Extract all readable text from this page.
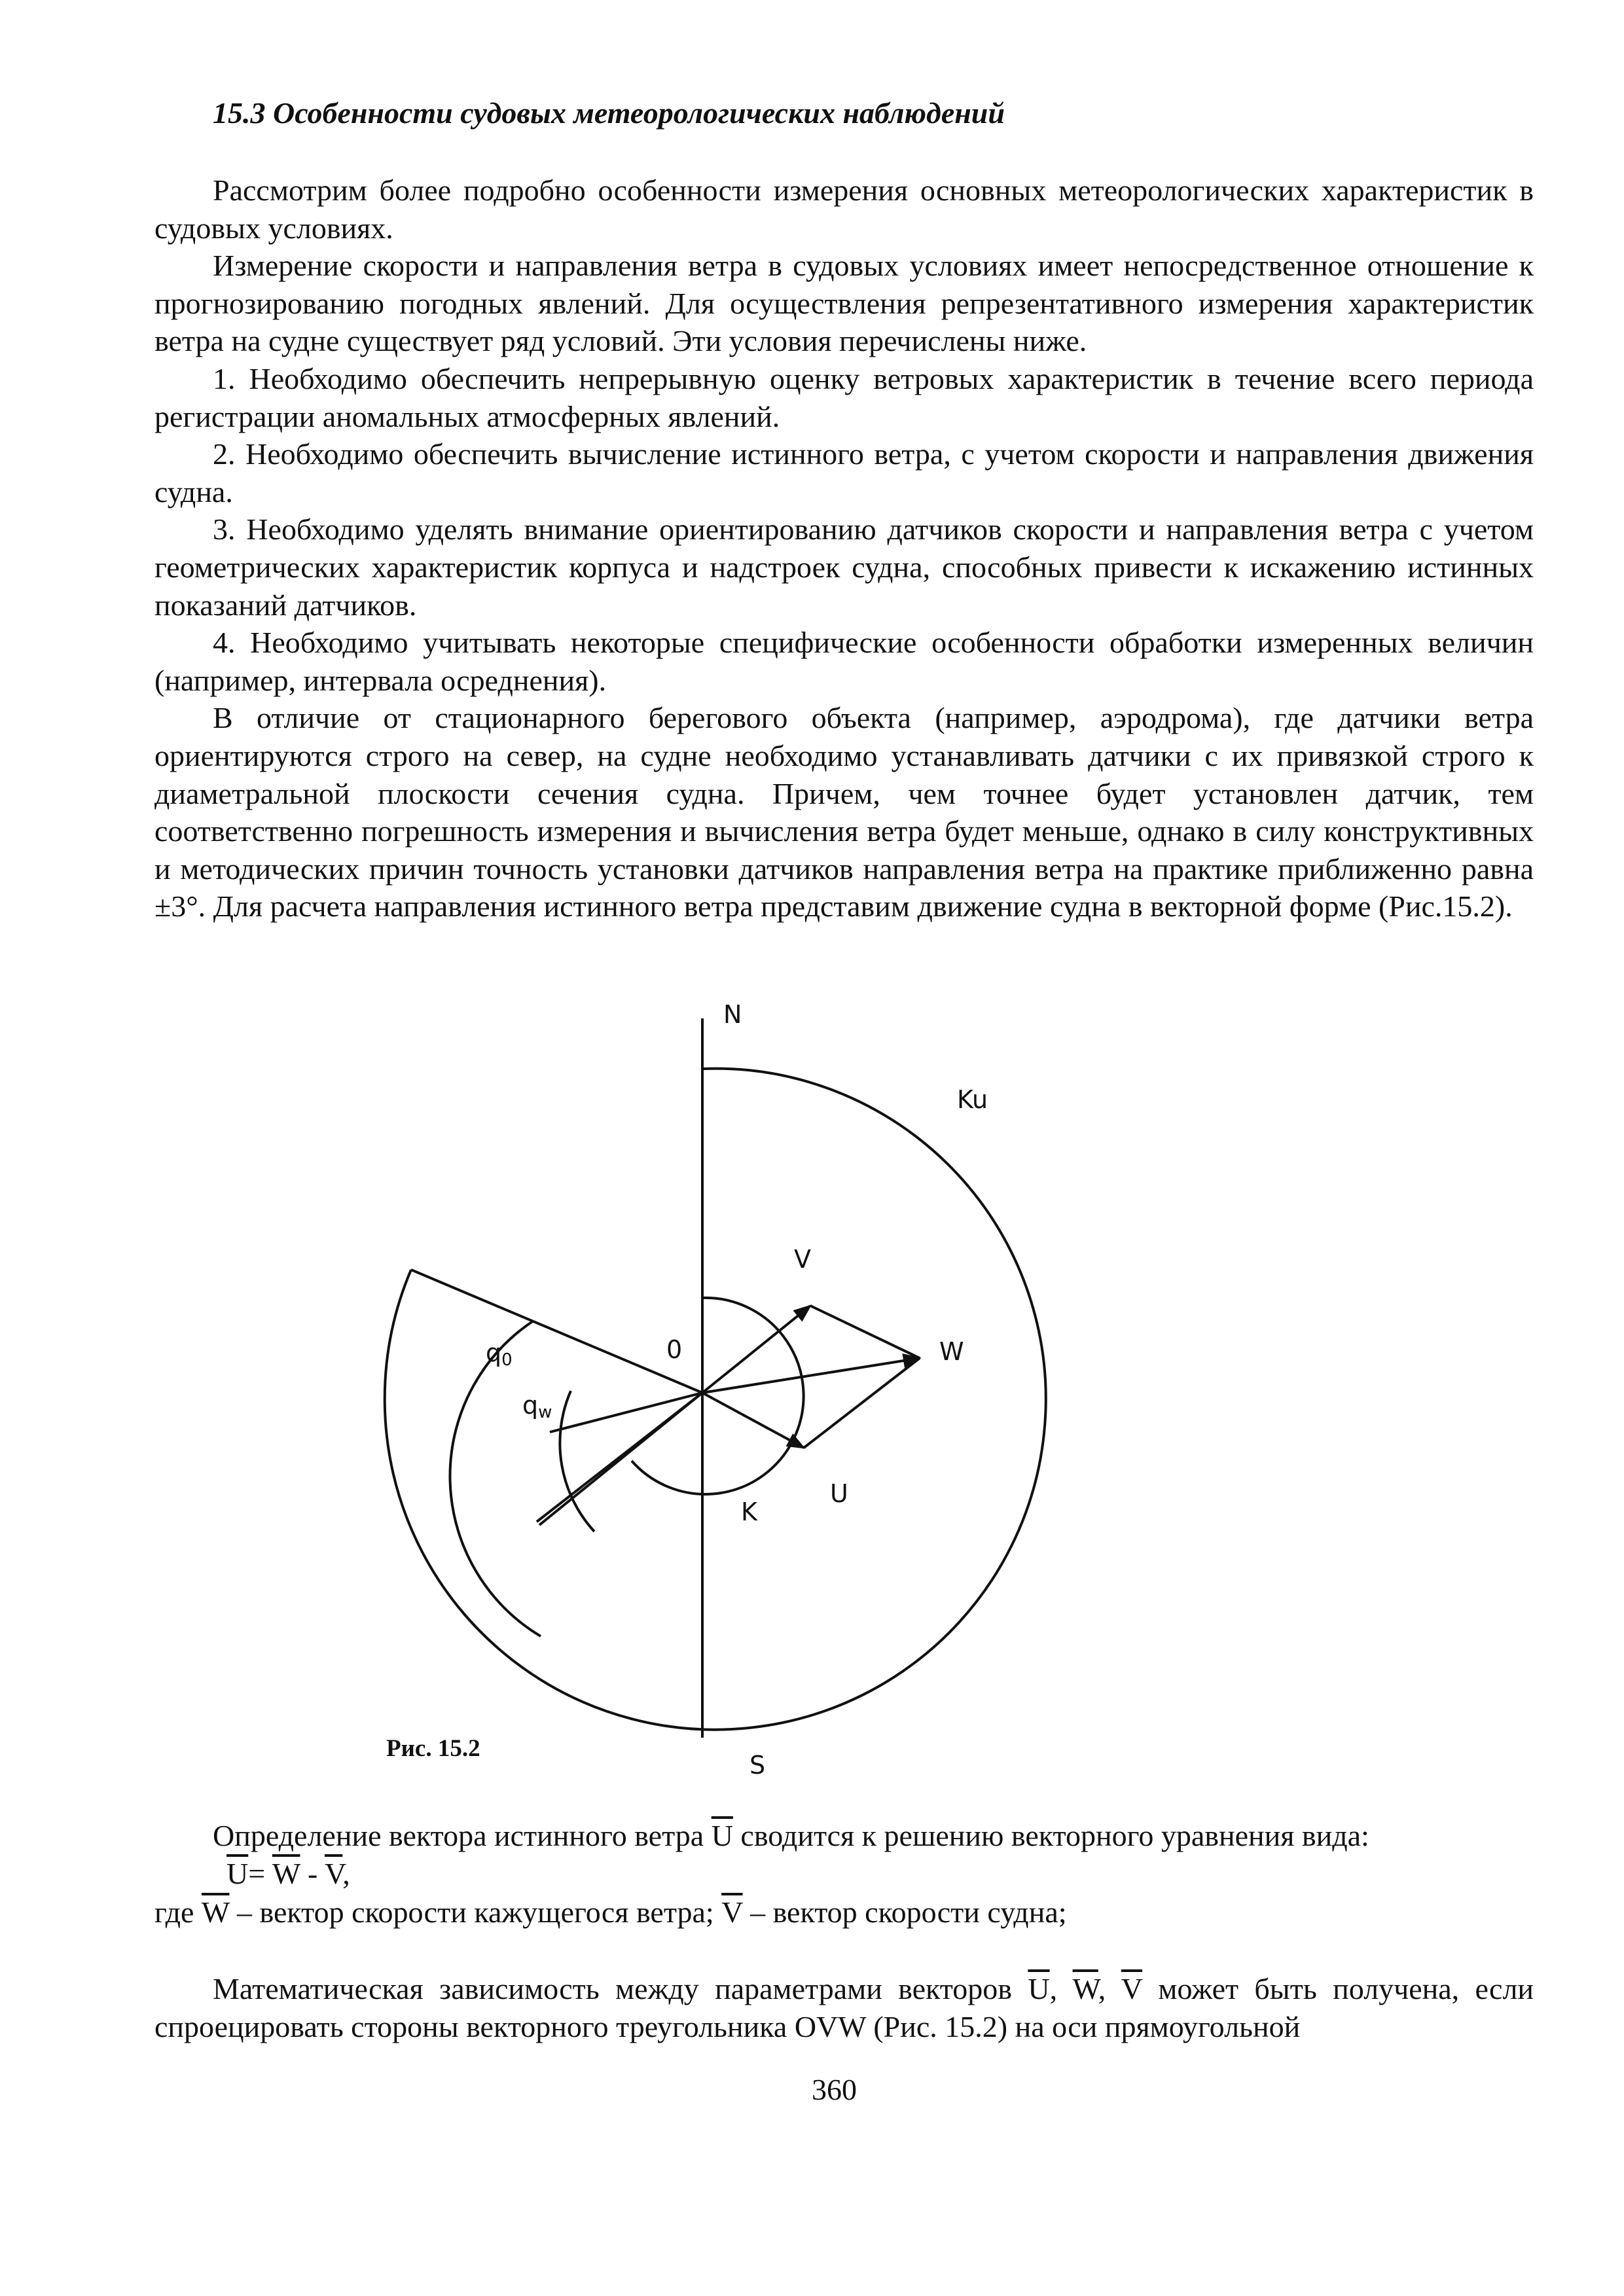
15.3 Особенности судовых метеорологических наблюдений

Рассмотрим более подробно особенности измерения основных метеорологических характеристик в судовых условиях.

Измерение скорости и направления ветра в судовых условиях имеет непосредственное отношение к прогнозированию погодных явлений. Для осуществления репрезентативного измерения характеристик ветра на судне существует ряд условий. Эти условия перечислены ниже.

1. Необходимо обеспечить непрерывную оценку ветровых характеристик в течение всего периода регистрации аномальных атмосферных явлений.

2. Необходимо обеспечить вычисление истинного ветра, с учетом скорости и направления движения судна.

3. Необходимо уделять внимание ориентированию датчиков скорости и направления ветра с учетом геометрических характеристик корпуса и надстроек судна, способных привести к искажению истинных показаний датчиков.

4. Необходимо учитывать некоторые специфические особенности обработки измеренных величин (например, интервала осреднения).

В отличие от стационарного берегового объекта (например, аэродрома), где датчики ветра ориентируются строго на север, на судне необходимо устанавливать датчики с их привязкой строго к диаметральной плоскости сечения судна. Причем, чем точнее будет установлен датчик, тем соответственно погрешность измерения и вычисления ветра будет меньше, однако в силу конструктивных и методических причин точность установки датчиков направления ветра на практике приближенно равна ±3°. Для расчета направления истинного ветра представим движение судна в векторной форме (Рис.15.2).

N
S
Ku
V
W
0
U
K
q0
qw
Рис. 15.2
Определение вектора истинного ветра $\overline{U}$ сводится к решению векторного уравнения вида:
$\overline{U}= \overline{W} - \overline{V}$,
где $\overline{W}$ – вектор скорости кажущегося ветра; $\overline{V}$ – вектор скорости судна;
Математическая зависимость между параметрами векторов $\overline{U}$, $\overline{W}$, $\overline{V}$ может быть получена, если спроецировать стороны векторного треугольника OVW (Рис. 15.2) на оси прямоугольной
360
